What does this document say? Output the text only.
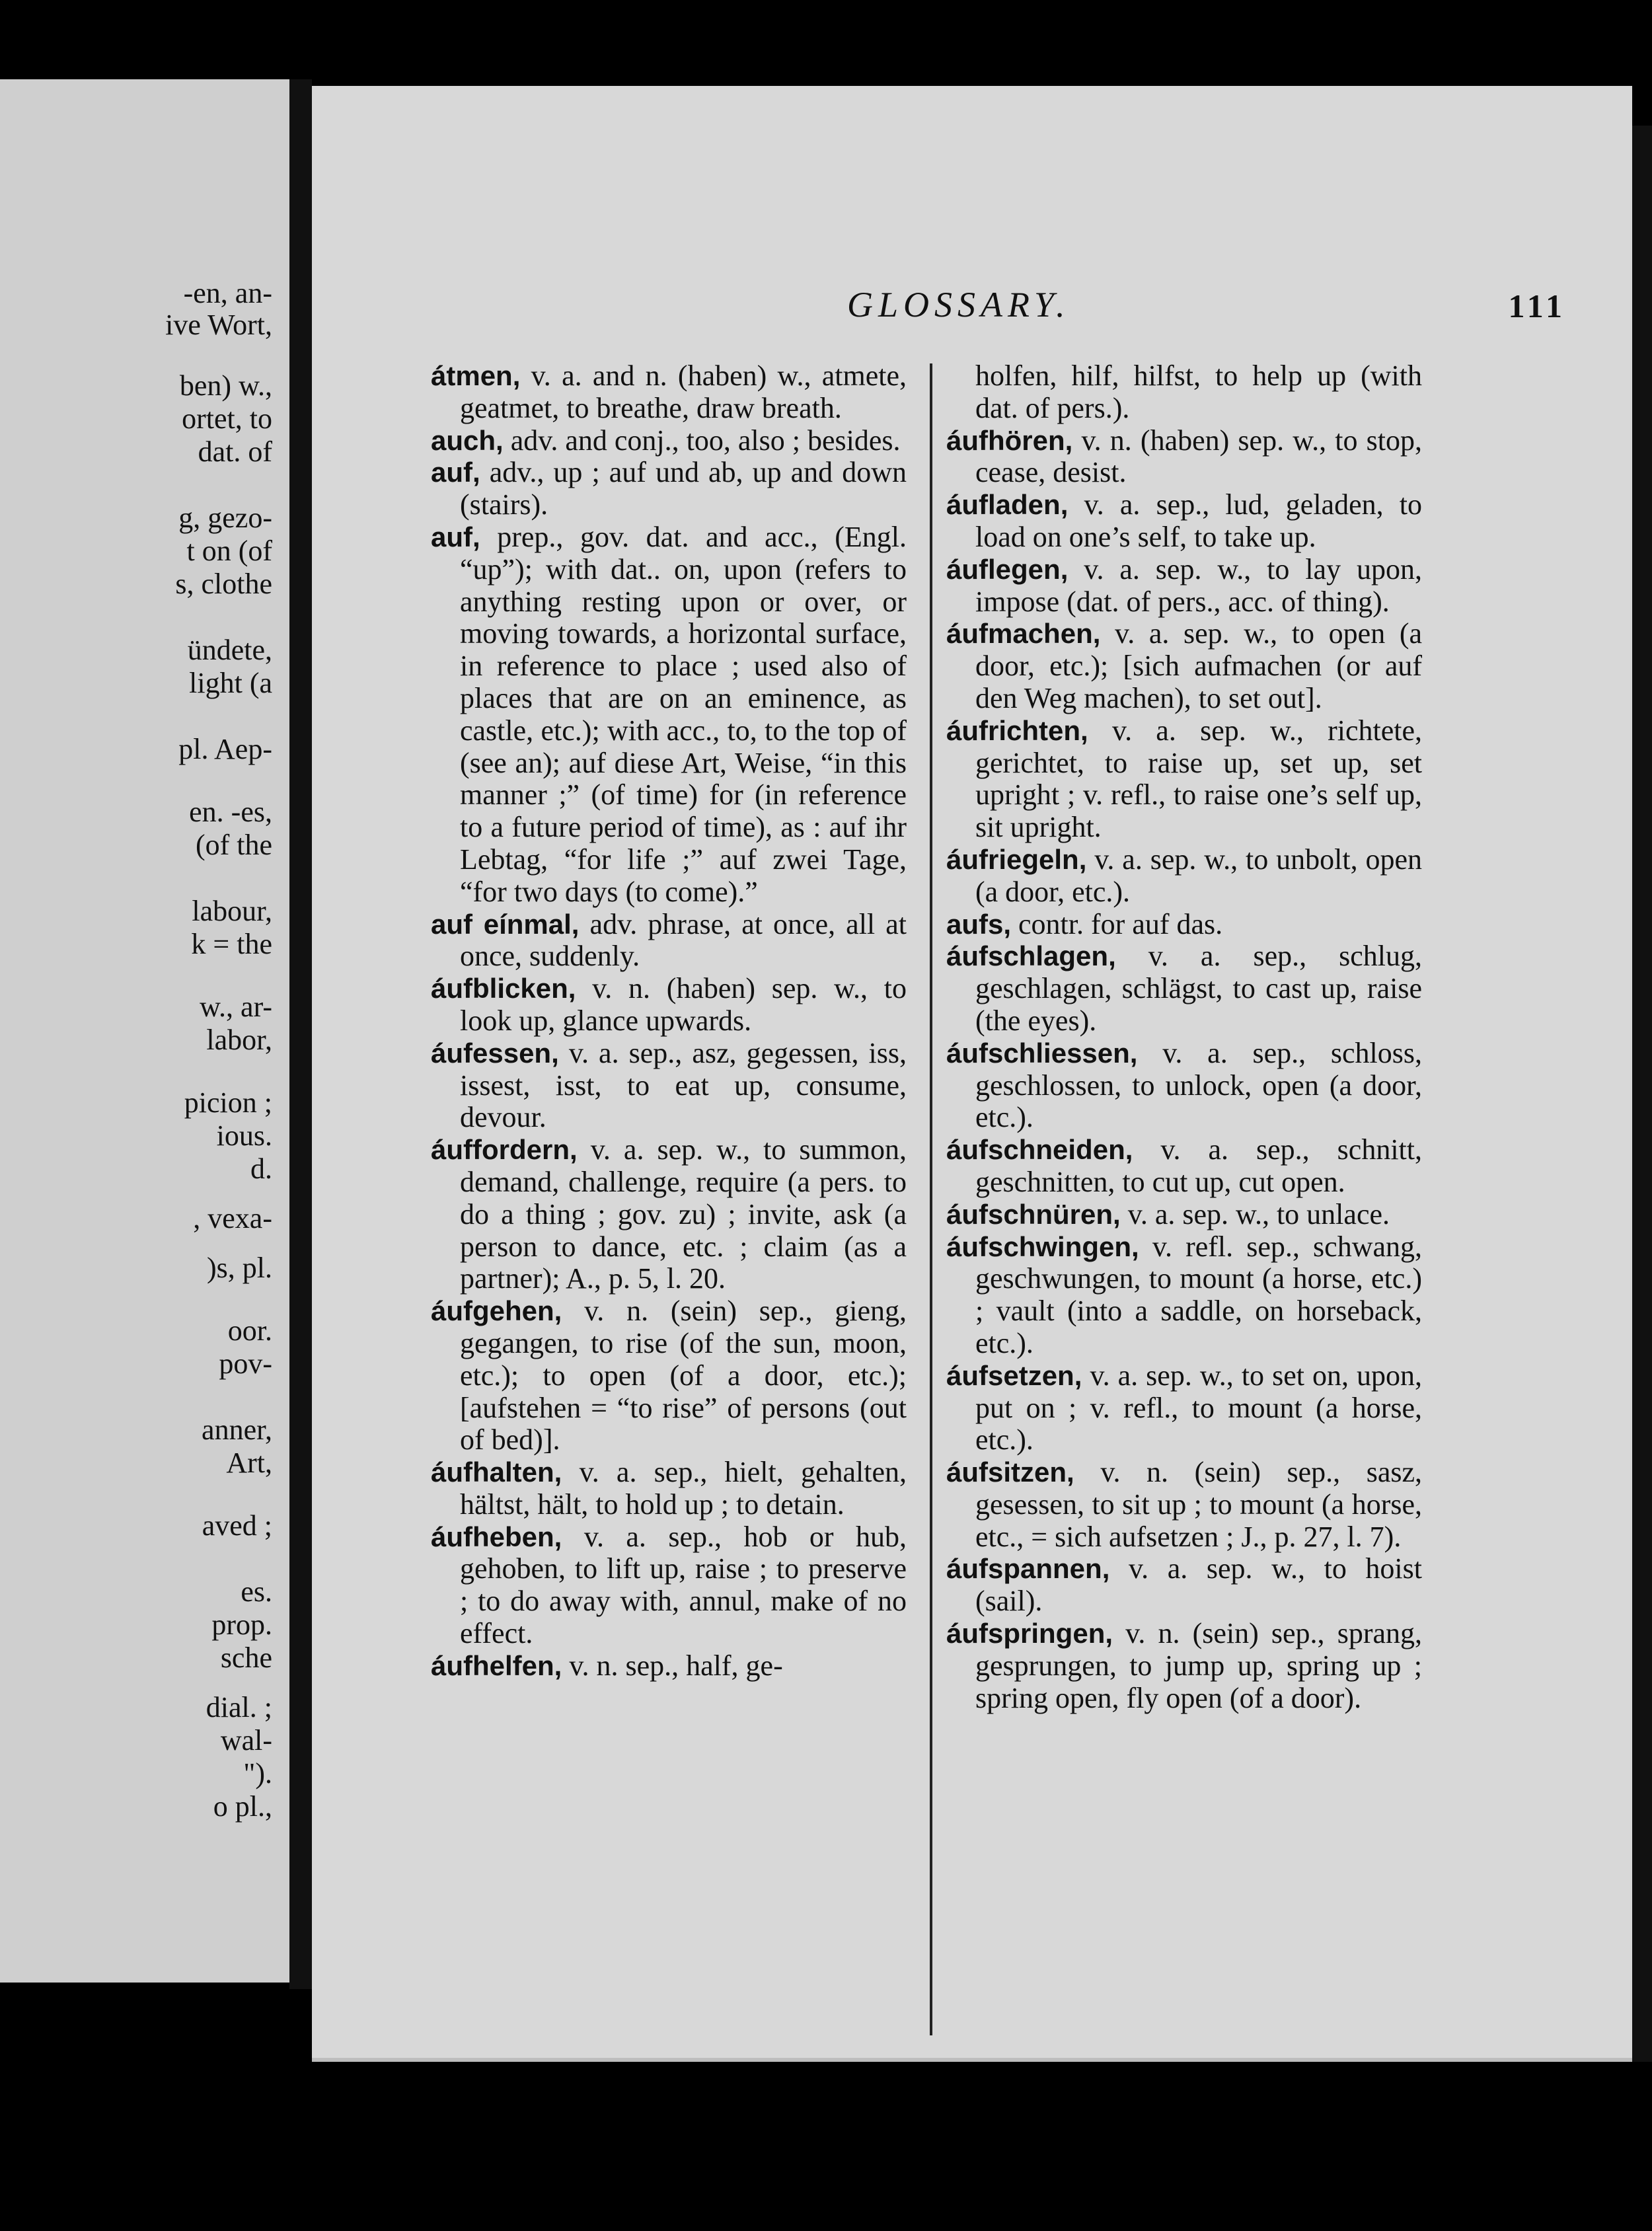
-en, an-
ive Wort,
ben) w.,
ortet, to
dat. of
g, gezo-
t on (of
s, clothe
ündete,
light (a
pl. Aep-
en. -es,
(of the
labour,
k = the
w., ar-
labor,
picion ;
ious.
d.
, vexa-
)s, pl.
oor.
pov-
anner,
Art,
aved ;
es.
prop.
sche
dial. ;
wal-
").
o pl.,
GLOSSARY.	111

átmen, v. a. and n. (haben) w., atmete, geatmet, to breathe, draw breath.

auch, adv. and conj., too, also ; besides.

auf, adv., up ; auf und ab, up and down (stairs).

auf, prep., gov. dat. and acc., (Engl. “up”); with dat.. on, upon (refers to anything resting upon or over, or moving towards, a horizontal surface, in reference to place ; used also of places that are on an eminence, as castle, etc.); with acc., to, to the top of (see an); auf diese Art, Weise, “in this manner ;” (of time) for (in reference to a future period of time), as : auf ihr Lebtag, “for life ;” auf zwei Tage, “for two days (to come).”

auf eínmal, adv. phrase, at once, all at once, suddenly.

áufblicken, v. n. (haben) sep. w., to look up, glance upwards.

áufessen, v. a. sep., asz, gegessen, iss, issest, isst, to eat up, consume, devour.

áuffordern, v. a. sep. w., to summon, demand, challenge, require (a pers. to do a thing ; gov. zu) ; invite, ask (a person to dance, etc. ; claim (as a partner); A., p. 5, l. 20.

áufgehen, v. n. (sein) sep., gieng, gegangen, to rise (of the sun, moon, etc.); to open (of a door, etc.); [aufstehen = “to rise” of persons (out of bed)].

áufhalten, v. a. sep., hielt, gehalten, hältst, hält, to hold up ; to detain.

áufheben, v. a. sep., hob or hub, gehoben, to lift up, raise ; to preserve ; to do away with, annul, make of no effect.

áufhelfen, v. n. sep., half, ge-

holfen, hilf, hilfst, to help up (with dat. of pers.).

áufhören, v. n. (haben) sep. w., to stop, cease, desist.

áufladen, v. a. sep., lud, geladen, to load on one’s self, to take up.

áuflegen, v. a. sep. w., to lay upon, impose (dat. of pers., acc. of thing).

áufmachen, v. a. sep. w., to open (a door, etc.); [sich aufmachen (or auf den Weg machen), to set out].

áufrichten, v. a. sep. w., richtete, gerichtet, to raise up, set up, set upright ; v. refl., to raise one’s self up, sit upright.

áufriegeln, v. a. sep. w., to unbolt, open (a door, etc.).

aufs, contr. for auf das.

áufschlagen, v. a. sep., schlug, geschlagen, schlägst, to cast up, raise (the eyes).

áufschliessen, v. a. sep., schloss, geschlossen, to unlock, open (a door, etc.).

áufschneiden, v. a. sep., schnitt, geschnitten, to cut up, cut open.

áufschnüren, v. a. sep. w., to unlace.

áufschwingen, v. refl. sep., schwang, geschwungen, to mount (a horse, etc.) ; vault (into a saddle, on horseback, etc.).

áufsetzen, v. a. sep. w., to set on, upon, put on ; v. refl., to mount (a horse, etc.).

áufsitzen, v. n. (sein) sep., sasz, gesessen, to sit up ; to mount (a horse, etc., = sich aufsetzen ; J., p. 27, l. 7).

áufspannen, v. a. sep. w., to hoist (sail).

áufspringen, v. n. (sein) sep., sprang, gesprungen, to jump up, spring up ; spring open, fly open (of a door).
